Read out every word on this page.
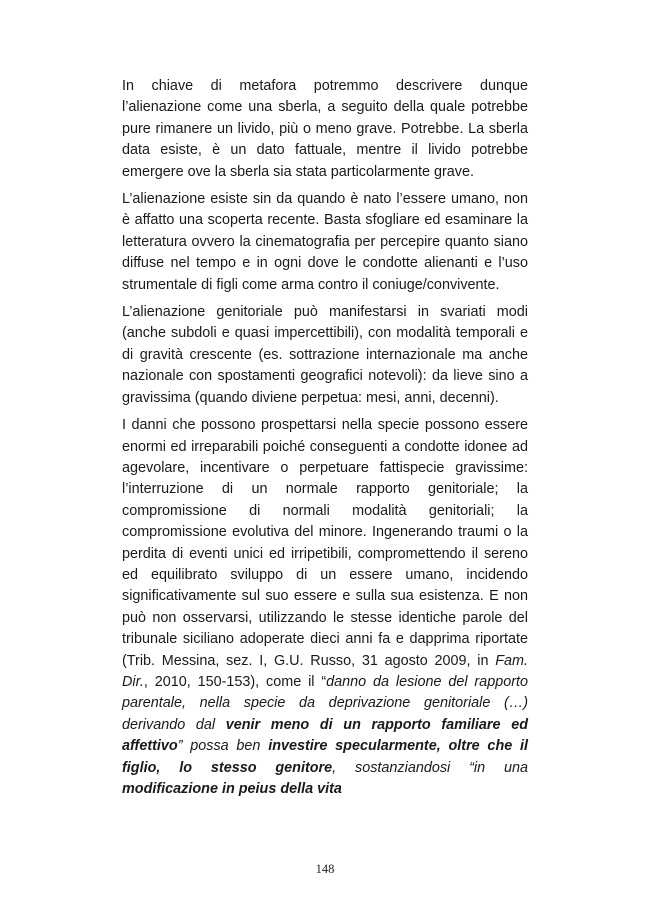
In chiave di metafora potremmo descrivere dunque l’alienazione come una sberla, a seguito della quale potrebbe pure rimanere un livido, più o meno grave. Potrebbe. La sberla data esiste, è un dato fattuale, mentre il livido potrebbe emergere ove la sberla sia stata particolarmente grave.

L’alienazione esiste sin da quando è nato l’essere umano, non è affatto una scoperta recente. Basta sfogliare ed esaminare la letteratura ovvero la cinematografia per percepire quanto siano diffuse nel tempo e in ogni dove le condotte alienanti e l’uso strumentale di figli come arma contro il coniuge/convivente.

L’alienazione genitoriale può manifestarsi in svariati modi (anche subdoli e quasi impercettibili), con modalità temporali e di gravità crescente (es. sottrazione internazionale ma anche nazionale con spostamenti geografici notevoli): da lieve sino a gravissima (quando diviene perpetua: mesi, anni, decenni).

I danni che possono prospettarsi nella specie possono essere enormi ed irreparabili poiché conseguenti a condotte idonee ad agevolare, incentivare o perpetuare fattispecie gravissime: l’interruzione di un normale rapporto genitoriale; la compromissione di normali modalità genitoriali; la compromissione evolutiva del minore. Ingenerando traumi o la perdita di eventi unici ed irripetibili, compromettendo il sereno ed equilibrato sviluppo di un essere umano, incidendo significativamente sul suo essere e sulla sua esistenza. E non può non osservarsi, utilizzando le stesse identiche parole del tribunale siciliano adoperate dieci anni fa e dapprima riportate (Trib. Messina, sez. I, G.U. Russo, 31 agosto 2009, in Fam. Dir., 2010, 150-153), come il “danno da lesione del rapporto parentale, nella specie da deprivazione genitoriale (…) derivando dal venir meno di un rapporto familiare ed affettivo” possa ben investire specularmente, oltre che il figlio, lo stesso genitore, sostanziandosi “in una modificazione in peius della vita

148
